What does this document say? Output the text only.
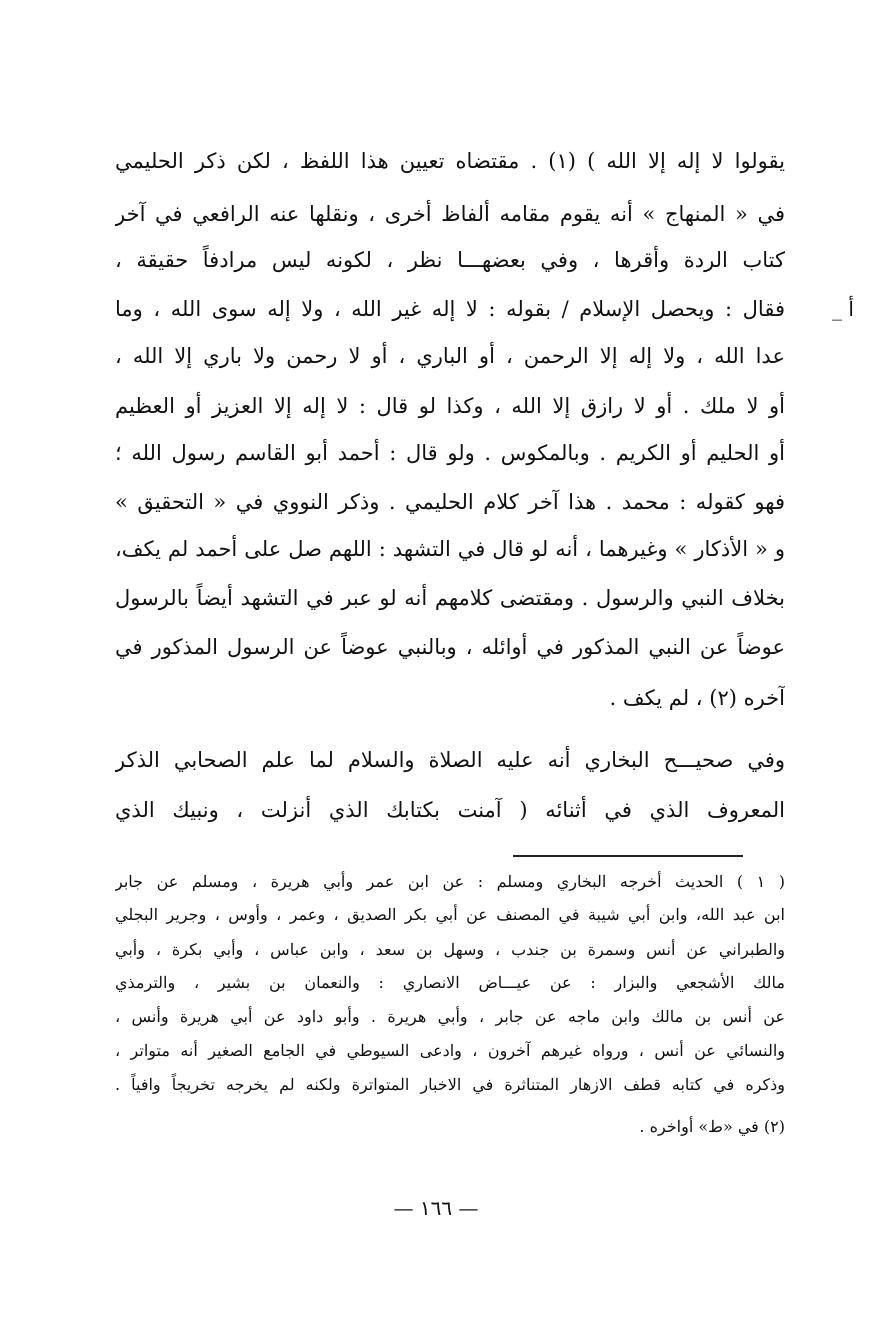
أ _
يقولوا لا إله إلا الله ) (١) . مقتضاه تعيين هذا اللفظ ، لكن ذكر الحليمي
في « المنهاج » أنه يقوم مقامه ألفاظ أخرى ، ونقلها عنه الرافعي في آخر
كتاب الردة وأقرها ، وفي بعضهـــا نظر ، لكونه ليس مرادفاً حقيقة ،
فقال : ويحصل الإسلام / بقوله : لا إله غير الله ، ولا إله سوى الله ، وما
عدا الله ، ولا إله إلا الرحمن ، أو الباري ، أو لا رحمن ولا باري إلا الله ،
أو لا ملك . أو لا رازق إلا الله ، وكذا لو قال : لا إله إلا العزيز أو العظيم
أو الحليم أو الكريم . وبالمكوس . ولو قال : أحمد أبو القاسم رسول الله ؛
فهو كقوله : محمد . هذا آخر كلام الحليمي . وذكر النووي في « التحقيق »
و « الأذكار » وغيرهما ، أنه لو قال في التشهد : اللهم صل على أحمد لم يكف،
بخلاف النبي والرسول . ومقتضى كلامهم أنه لو عبر في التشهد أيضاً بالرسول
عوضاً عن النبي المذكور في أوائله ، وبالنبي عوضاً عن الرسول المذكور في
آخره (٢) ، لم يكف .
وفي صحيـــح البخاري أنه عليه الصلاة والسلام لما علم الصحابي الذكر
المعروف الذي في أثنائه ( آمنت بكتابك الذي أنزلت ، ونبيك الذي
( ١ ) الحديث أخرجه البخاري ومسلم : عن ابن عمر وأبي هريرة ، ومسلم عن جابر
ابن عبد الله، وابن أبي شيبة في المصنف عن أبي بكر الصديق ، وعمر ، وأوس ، وجرير البجلي
والطبراني عن أنس وسمرة بن جندب ، وسهل بن سعد ، وابن عباس ، وأبي بكرة ، وأبي
مالك الأشجعي والبزار : عن عيـــاض الانصاري : والنعمان بن بشير ، والترمذي
عن أنس بن مالك وابن ماجه عن جابر ، وأبي هريرة . وأبو داود عن أبي هريرة وأنس ،
والنسائي عن أنس ، ورواه غيرهم آخرون ، وادعى السيوطي في الجامع الصغير أنه متواتر ،
وذكره في كتابه قطف الازهار المتناثرة في الاخبار المتواترة ولكنه لم يخرجه تخريجاً وافياً .
(٢) في «ط» أواخره .
— ١٦٦ —
